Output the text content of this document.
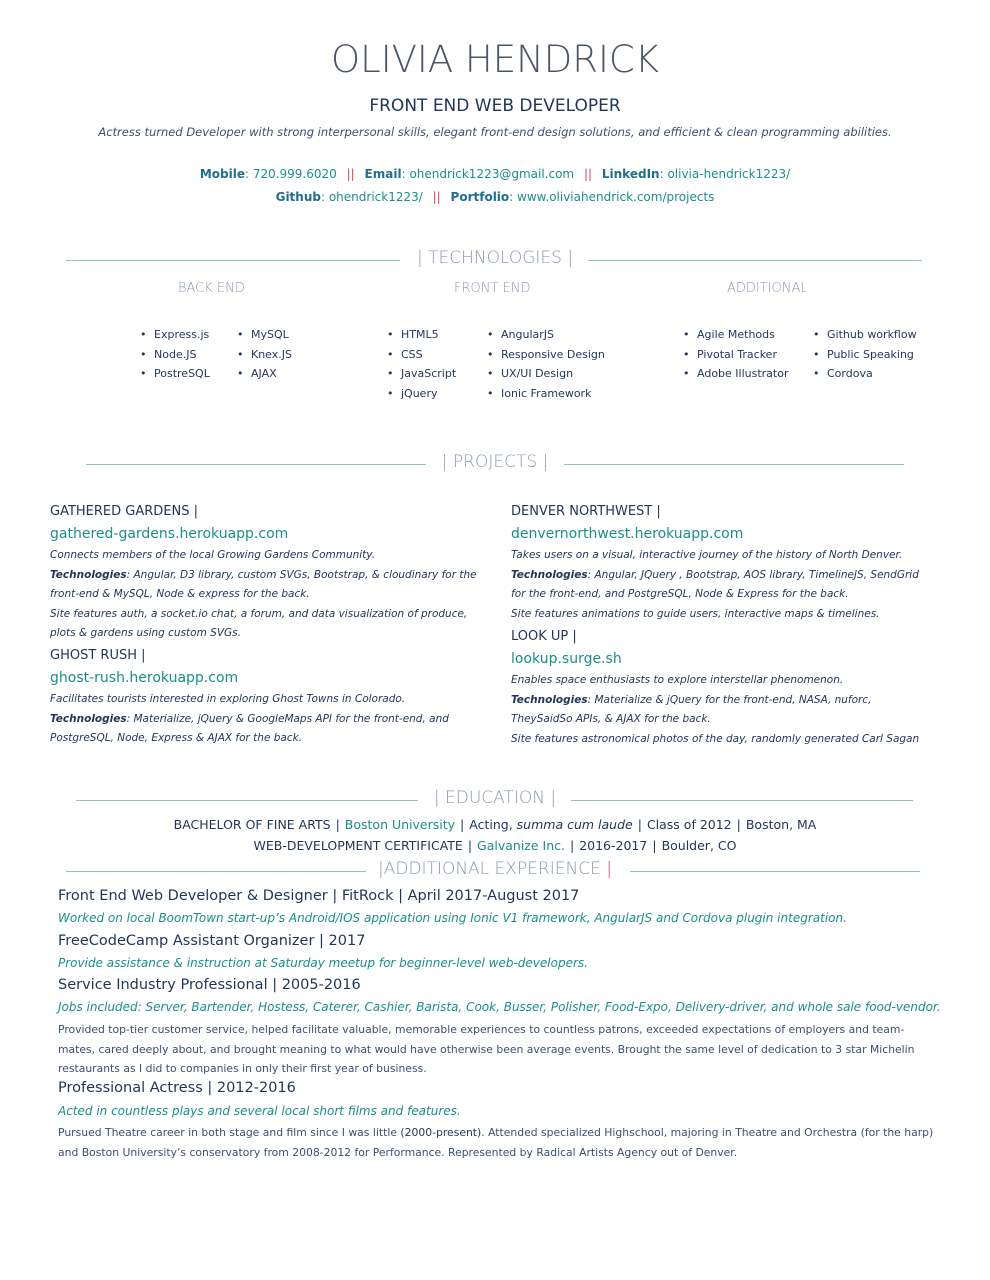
OLIVIA HENDRICK
FRONT END WEB DEVELOPER
Actress turned Developer with strong interpersonal skills, elegant front-end design solutions, and efficient & clean programming abilities.
Mobile: 720.999.6020 || Email: ohendrick1223@gmail.com || LinkedIn: olivia-hendrick1223/
Github: ohendrick1223/ || Portfolio: www.oliviahendrick.com/projects
| TECHNOLOGIES |
BACK END	FRONT END	ADDITIONAL
• Express.js
• Node.JS
• PostreSQL
• MySQL
• Knex.JS
• AJAX
• HTML5
• CSS
• JavaScript
• jQuery
• AngularJS
• Responsive Design
• UX/UI Design
• Ionic Framework
• Agile Methods
• Pivotal Tracker
• Adobe Illustrator
• Github workflow
• Public Speaking
• Cordova
| PROJECTS |
GATHERED GARDENS |
gathered-gardens.herokuapp.com
Connects members of the local Growing Gardens Community.
Technologies: Angular, D3 library, custom SVGs, Bootstrap, & cloudinary for the front-end & MySQL, Node & express for the back.
Site features auth, a socket.io chat, a forum, and data visualization of produce, plots & gardens using custom SVGs.
GHOST RUSH |
ghost-rush.herokuapp.com
Facilitates tourists interested in exploring Ghost Towns in Colorado.
Technologies: Materialize, jQuery & GoogleMaps API for the front-end, and PostgreSQL, Node, Express & AJAX for the back.
DENVER NORTHWEST |
denvernorthwest.herokuapp.com
Takes users on a visual, interactive journey of the history of North Denver.
Technologies: Angular, JQuery , Bootstrap, AOS library, TimelineJS, SendGrid for the front-end, and PostgreSQL, Node & Express for the back.
Site features animations to guide users, interactive maps & timelines.
LOOK UP |
lookup.surge.sh
Enables space enthusiasts to explore interstellar phenomenon.
Technologies: Materialize & jQuery for the front-end, NASA, nuforc, TheySaidSo APIs, & AJAX for the back.
Site features astronomical photos of the day, randomly generated Carl Sagan
| EDUCATION |
BACHELOR OF FINE ARTS | Boston University | Acting, summa cum laude | Class of 2012 | Boston, MA
WEB-DEVELOPMENT CERTIFICATE | Galvanize Inc. | 2016-2017 | Boulder, CO
|ADDITIONAL EXPERIENCE |
Front End Web Developer & Designer | FitRock | April 2017-August 2017
Worked on local BoomTown start-up’s Android/IOS application using Ionic V1 framework, AngularJS and Cordova plugin integration.
FreeCodeCamp Assistant Organizer | 2017
Provide assistance & instruction at Saturday meetup for beginner-level web-developers.
Service Industry Professional | 2005-2016
Jobs included: Server, Bartender, Hostess, Caterer, Cashier, Barista, Cook, Busser, Polisher, Food-Expo, Delivery-driver, and whole sale food-vendor.
Provided top-tier customer service, helped facilitate valuable, memorable experiences to countless patrons, exceeded expectations of employers and team-mates, cared deeply about, and brought meaning to what would have otherwise been average events. Brought the same level of dedication to 3 star Michelin restaurants as I did to companies in only their first year of business.
Professional Actress | 2012-2016
Acted in countless plays and several local short films and features.
Pursued Theatre career in both stage and film since I was little (2000-present). Attended specialized Highschool, majoring in Theatre and Orchestra (for the harp) and Boston University’s conservatory from 2008-2012 for Performance. Represented by Radical Artists Agency out of Denver.
